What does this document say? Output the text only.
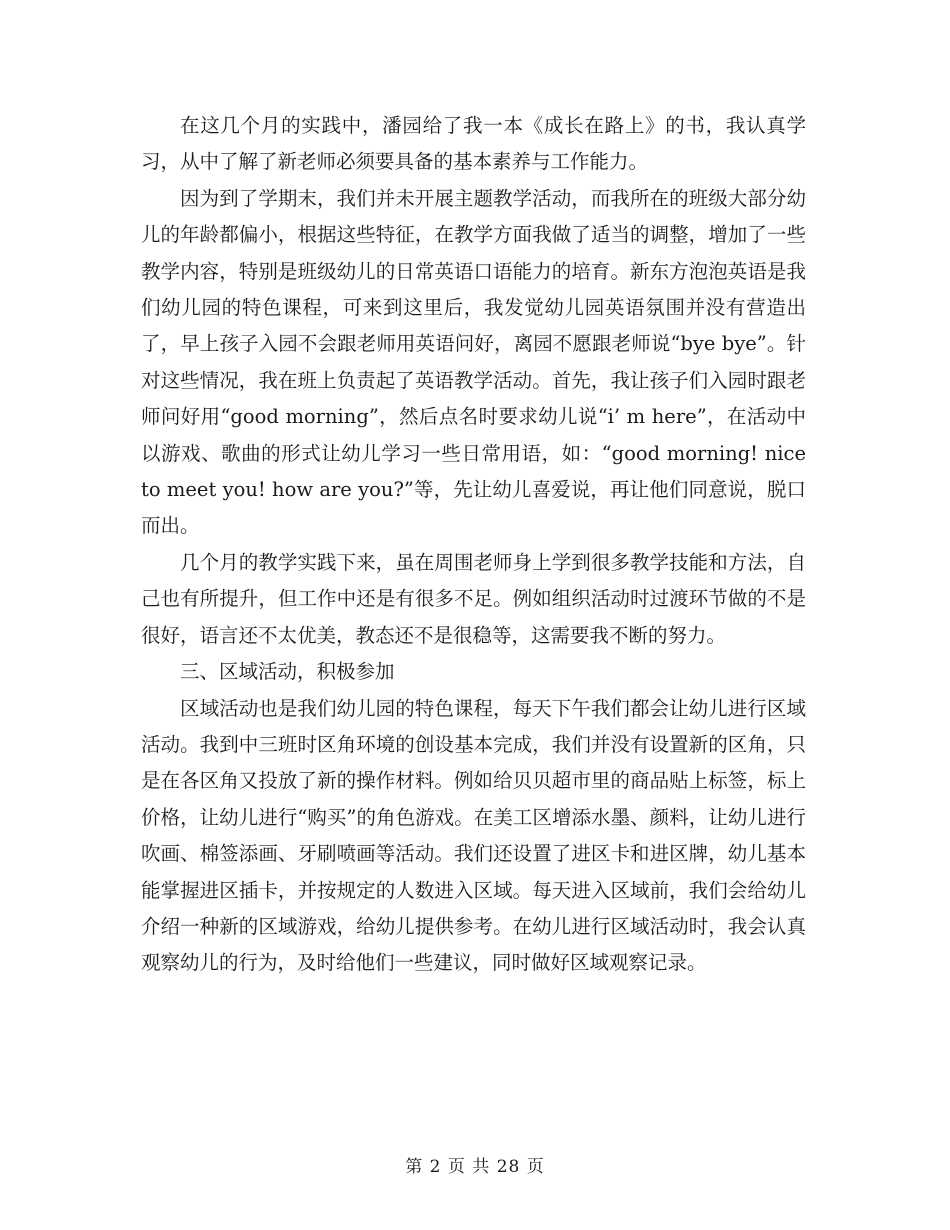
在这几个月的实践中，潘园给了我一本《成长在路上》的书，我认真学习，从中了解了新老师必须要具备的基本素养与工作能力。

因为到了学期末，我们并未开展主题教学活动，而我所在的班级大部分幼儿的年龄都偏小，根据这些特征，在教学方面我做了适当的调整，增加了一些教学内容，特别是班级幼儿的日常英语口语能力的培育。新东方泡泡英语是我们幼儿园的特色课程，可来到这里后，我发觉幼儿园英语氛围并没有营造出了，早上孩子入园不会跟老师用英语问好，离园不愿跟老师说“bye bye”。针对这些情况，我在班上负责起了英语教学活动。首先，我让孩子们入园时跟老师问好用“good morning”，然后点名时要求幼儿说“i’ m here”，在活动中以游戏、歌曲的形式让幼儿学习一些日常用语，如：“good morning! nice to meet you! how are you?”等，先让幼儿喜爱说，再让他们同意说，脱口而出。

几个月的教学实践下来，虽在周围老师身上学到很多教学技能和方法，自己也有所提升，但工作中还是有很多不足。例如组织活动时过渡环节做的不是很好，语言还不太优美，教态还不是很稳等，这需要我不断的努力。

三、区域活动，积极参加

区域活动也是我们幼儿园的特色课程，每天下午我们都会让幼儿进行区域活动。我到中三班时区角环境的创设基本完成，我们并没有设置新的区角，只是在各区角又投放了新的操作材料。例如给贝贝超市里的商品贴上标签，标上价格，让幼儿进行“购买”的角色游戏。在美工区增添水墨、颜料，让幼儿进行吹画、棉签添画、牙刷喷画等活动。我们还设置了进区卡和进区牌，幼儿基本能掌握进区插卡，并按规定的人数进入区域。每天进入区域前，我们会给幼儿介绍一种新的区域游戏，给幼儿提供参考。在幼儿进行区域活动时，我会认真观察幼儿的行为，及时给他们一些建议，同时做好区域观察记录。

第 2 页 共 28 页
